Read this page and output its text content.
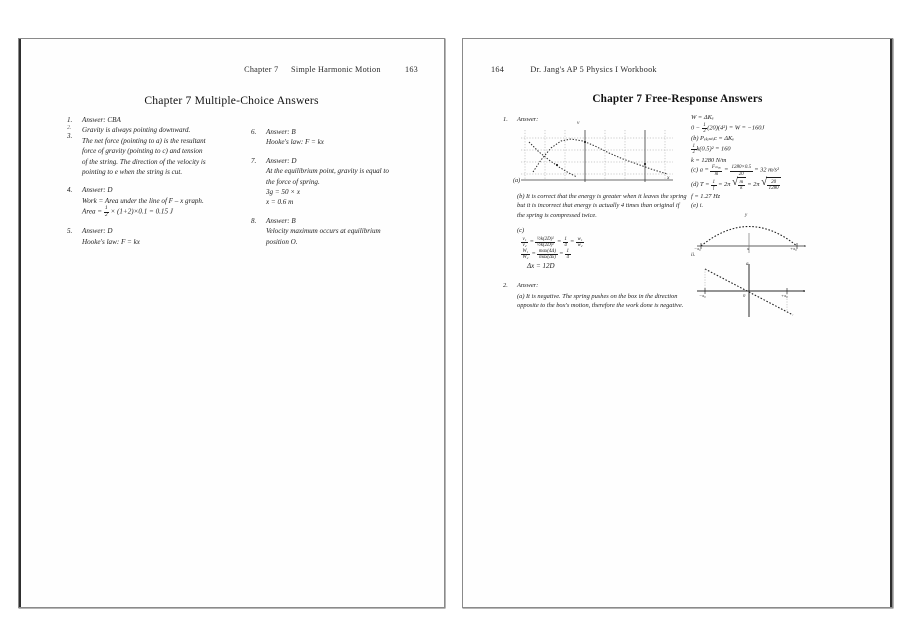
Chapter 7 Simple Harmonic Motion	163
Chapter 7 Multiple-Choice Answers
1.
2.
3.
Answer: CBA
Gravity is always pointing downward.
The net force (pointing to a) is the resultant
force of gravity (pointing to c) and tension
of the string. The direction of the velocity is
pointing to e when the string is cut.
4.	Answer: D
Work = Area under the line of F – x graph.
Area = $\frac{1}{2} \times (1+2)\times 0.1 = 0.15$ J
5.	Answer: D
Hooke's law: F = kx
6.	Answer: B
Hooke's law: F = kx
7.	Answer: D
At the equilibrium point, gravity is equal to
the force of spring.
3g = 50 × x
x = 0.6 m
8.	Answer: B
Velocity maximum occurs at equilibrium
position O.
164	Dr. Jang's AP 5 Physics I Workbook
Chapter 7 Free-Response Answers
1.	Answer:
(a)
v
x
(b) It is correct that the energy is greater when it leaves the spring but it is incorrect that energy is actually 4 times than original if the spring is compressed twice.
(c)
$\frac{\text{v₁}}{\text{v₂}} = \frac{\text{½k(2D)²}}{\text{½k(2D)²}} = \frac{1}{4} = \frac{\text{w₁}}{\text{w₂}}$
$\frac{\text{W₁}}{\text{W₂}} = \max(4\Delta)$
max(Δx)
= $\frac{1}{4}$
Δx = 12D
2.	Answer:
(a) It is negative. The spring pushes on the box in the direction opposite to the box's motion, therefore the work done is negative.
W = ΔKₑ
$0 - \frac{1}{2} (20)(4^2) = W = -160J$
(b) Pₑₗₐₛₜᵢᴄ = ΔKₑ
$\frac{1}{2} k(0.5)^2 = 160$
k = 1280 N/m
(c) a = Fₘₐₓ
m
= $\frac{1280\times 0.5}{20} = 32$ m/s²
(d) $T = \frac{1}{f} = 2\pi$ √ $\frac{m}{k} = 2\pi$ √ $\frac{20}{1280}$
f = 1.27 Hz
(e) i.
y
−x₀	x	+x₀
x
ii.
a
−x₀	0	+x₀
x
